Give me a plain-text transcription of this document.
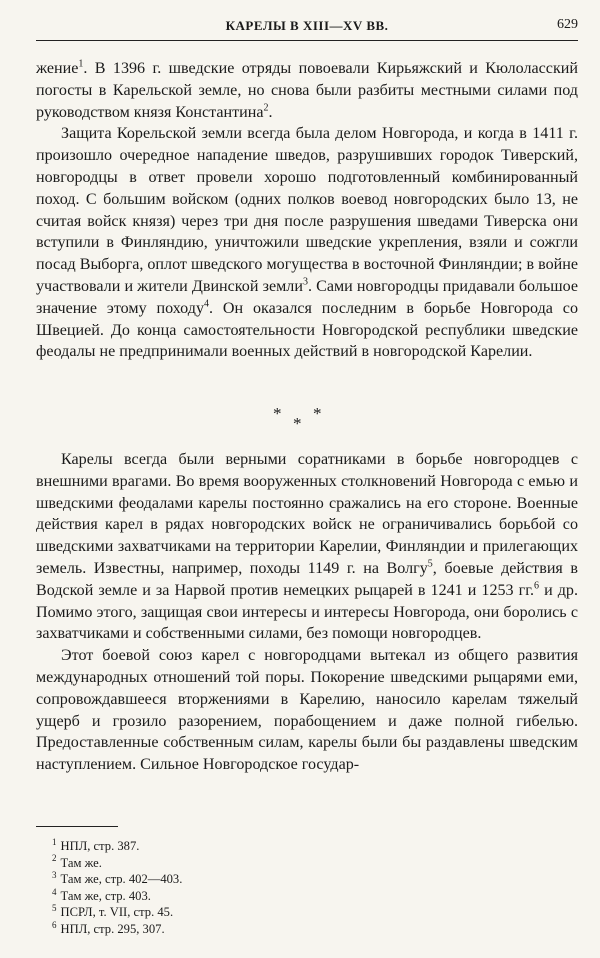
КАРЕЛЫ В XIII—XV ВВ.	629

жение$^1$. В 1396 г. шведские отряды повоевали Кирьяжский и Кюлоласский погосты в Карельской земле, но снова были разбиты местными силами под руководством князя Константина$^2$.

Защита Корельской земли всегда была делом Новгорода, и когда в 1411 г. произошло очередное нападение шведов, разрушивших городок Тиверский, новгородцы в ответ провели хорошо подготовленный комбинированный поход. С большим войском (одних полков воевод новгородских было 13, не считая войск князя) через три дня после разрушения шведами Тиверска они вступили в Финляндию, уничтожили шведские укрепления, взяли и сожгли посад Выборга, оплот шведского могущества в восточной Финляндии; в войне участвовали и жители Двинской земли$^3$. Сами новгородцы придавали большое значение этому походу$^4$. Он оказался последним в борьбе Новгорода со Швецией. До конца самостоятельности Новгородской республики шведские феодалы не предпринимали военных действий в новгородской Карелии.

*
*
*

Карелы всегда были верными соратниками в борьбе новгородцев с внешними врагами. Во время вооруженных столкновений Новгорода с емью и шведскими феодалами карелы постоянно сражались на его стороне. Военные действия карел в рядах новгородских войск не ограничивались борьбой со шведскими захватчиками на территории Карелии, Финляндии и прилегающих земель. Известны, например, походы 1149 г. на Волгу$^5$, боевые действия в Водской земле и за Нарвой против немецких рыцарей в 1241 и 1253 гг.$^6$ и др. Помимо этого, защищая свои интересы и интересы Новгорода, они боролись с захватчиками и собственными силами, без помощи новгородцев.

Этот боевой союз карел с новгородцами вытекал из общего развития международных отношений той поры. Покорение шведскими рыцарями еми, сопровождавшееся вторжениями в Карелию, наносило карелам тяжелый ущерб и грозило разорением, порабощением и даже полной гибелью. Предоставленные собственным силам, карелы были бы раздавлены шведским наступлением. Сильное Новгородское государ-

$^1$ НПЛ, стр. 387.
$^2$ Там же.
$^3$ Там же, стр. 402—403.
$^4$ Там же, стр. 403.
$^5$ ПСРЛ, т. VII, стр. 45.
$^6$ НПЛ, стр. 295, 307.
